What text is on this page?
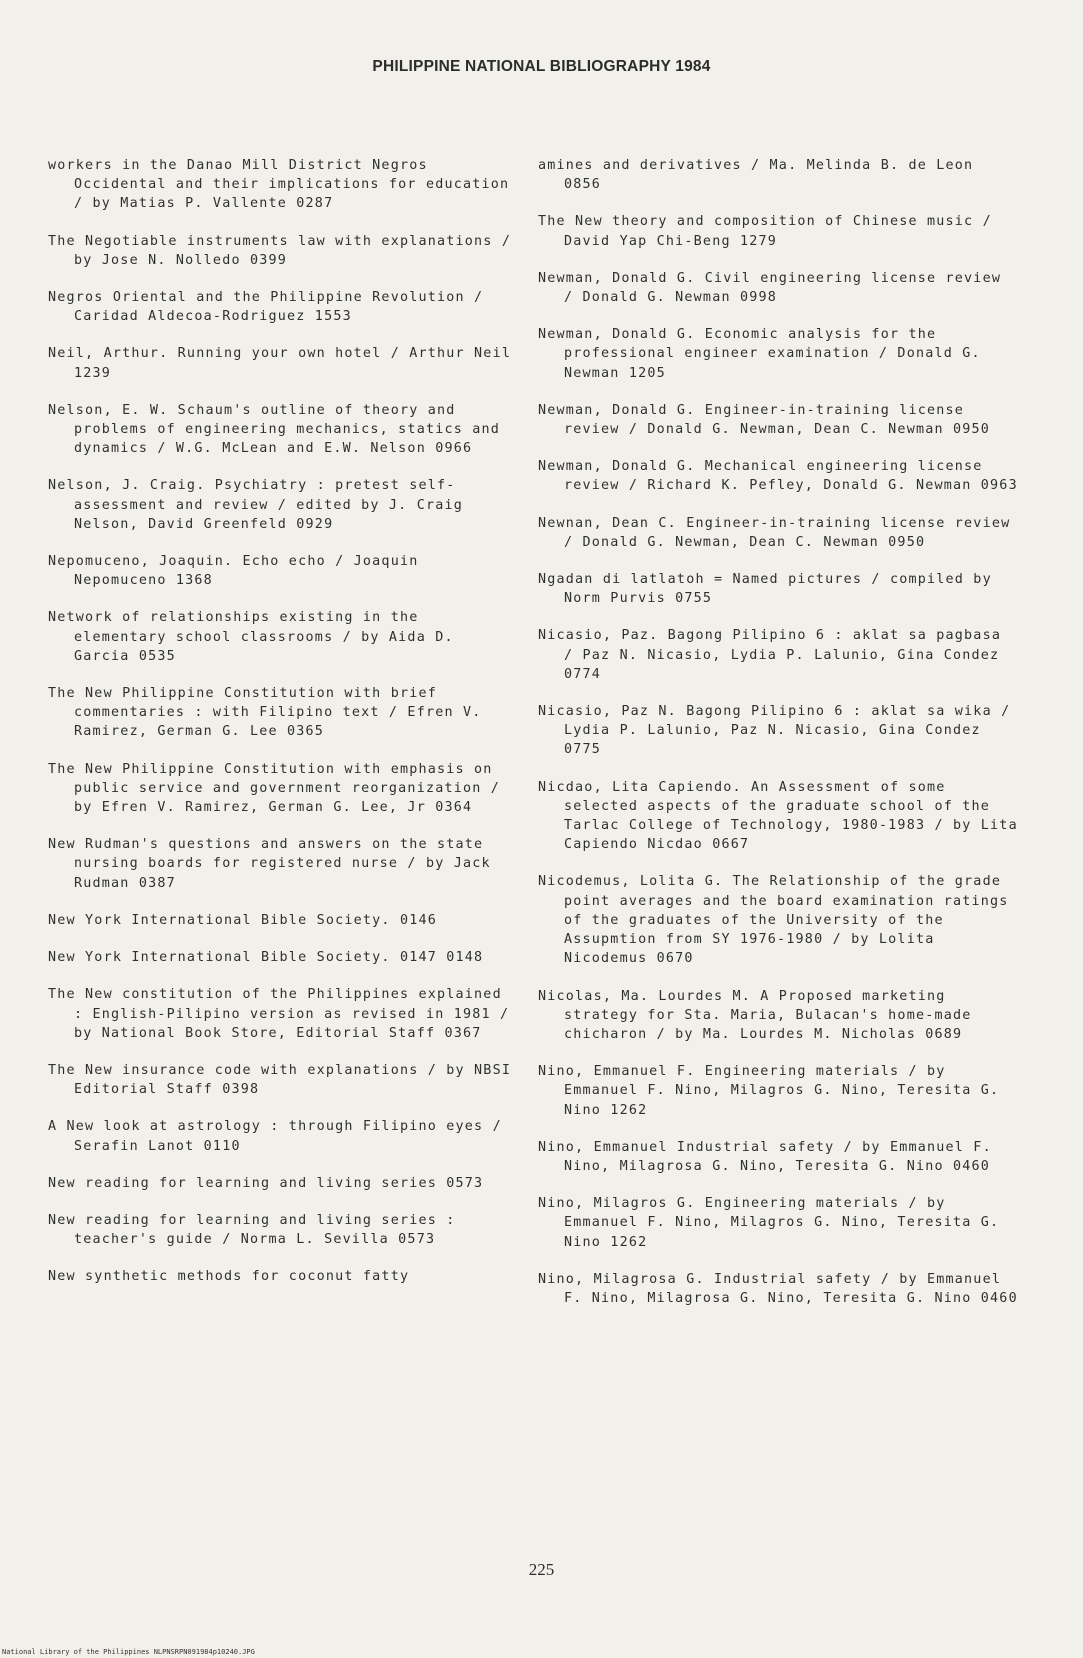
PHILIPPINE NATIONAL BIBLIOGRAPHY 1984

workers in the Danao Mill District Negros Occidental and their implications for education / by Matias P. Vallente 0287

The Negotiable instruments law with explanations / by Jose N. Nolledo 0399

Negros Oriental and the Philippine Revolution / Caridad Aldecoa-Rodriguez 1553

Neil, Arthur. Running your own hotel / Arthur Neil 1239

Nelson, E. W. Schaum's outline of theory and problems of engineering mechanics, statics and dynamics / W.G. McLean and E.W. Nelson 0966

Nelson, J. Craig. Psychiatry : pretest self-assessment and review / edited by J. Craig Nelson, David Greenfeld 0929

Nepomuceno, Joaquin. Echo echo / Joaquin Nepomuceno 1368

Network of relationships existing in the elementary school classrooms / by Aida D. Garcia 0535

The New Philippine Constitution with brief commentaries : with Filipino text / Efren V. Ramirez, German G. Lee 0365

The New Philippine Constitution with emphasis on public service and government reorganization / by Efren V. Ramirez, German G. Lee, Jr 0364

New Rudman's questions and answers on the state nursing boards for registered nurse / by Jack Rudman 0387

New York International Bible Society. 0146

New York International Bible Society. 0147 0148

The New constitution of the Philippines explained : English-Pilipino version as revised in 1981 / by National Book Store, Editorial Staff 0367

The New insurance code with explanations / by NBSI Editorial Staff 0398

A New look at astrology : through Filipino eyes / Serafin Lanot 0110

New reading for learning and living series 0573

New reading for learning and living series : teacher's guide / Norma L. Sevilla 0573

New synthetic methods for coconut fatty

amines and derivatives / Ma. Melinda B. de Leon 0856

The New theory and composition of Chinese music / David Yap Chi-Beng 1279

Newman, Donald G. Civil engineering license review / Donald G. Newman 0998

Newman, Donald G. Economic analysis for the professional engineer examination / Donald G. Newman 1205

Newman, Donald G. Engineer-in-training license review / Donald G. Newman, Dean C. Newman 0950

Newman, Donald G. Mechanical engineering license review / Richard K. Pefley, Donald G. Newman 0963

Newnan, Dean C. Engineer-in-training license review / Donald G. Newman, Dean C. Newman 0950

Ngadan di latlatoh = Named pictures / compiled by Norm Purvis 0755

Nicasio, Paz. Bagong Pilipino 6 : aklat sa pagbasa / Paz N. Nicasio, Lydia P. Lalunio, Gina Condez 0774

Nicasio, Paz N. Bagong Pilipino 6 : aklat sa wika / Lydia P. Lalunio, Paz N. Nicasio, Gina Condez 0775

Nicdao, Lita Capiendo. An Assessment of some selected aspects of the graduate school of the Tarlac College of Technology, 1980-1983 / by Lita Capiendo Nicdao 0667

Nicodemus, Lolita G. The Relationship of the grade point averages and the board examination ratings of the graduates of the University of the Assupmtion from SY 1976-1980 / by Lolita Nicodemus 0670

Nicolas, Ma. Lourdes M. A Proposed marketing strategy for Sta. Maria, Bulacan's home-made chicharon / by Ma. Lourdes M. Nicholas 0689

Nino, Emmanuel F. Engineering materials / by Emmanuel F. Nino, Milagros G. Nino, Teresita G. Nino 1262

Nino, Emmanuel Industrial safety / by Emmanuel F. Nino, Milagrosa G. Nino, Teresita G. Nino 0460

Nino, Milagros G. Engineering materials / by Emmanuel F. Nino, Milagros G. Nino, Teresita G. Nino 1262

Nino, Milagrosa G. Industrial safety / by Emmanuel F. Nino, Milagrosa G. Nino, Teresita G. Nino 0460

225
National Library of the Philippines NLPNSRPN091984p10240.JPG
